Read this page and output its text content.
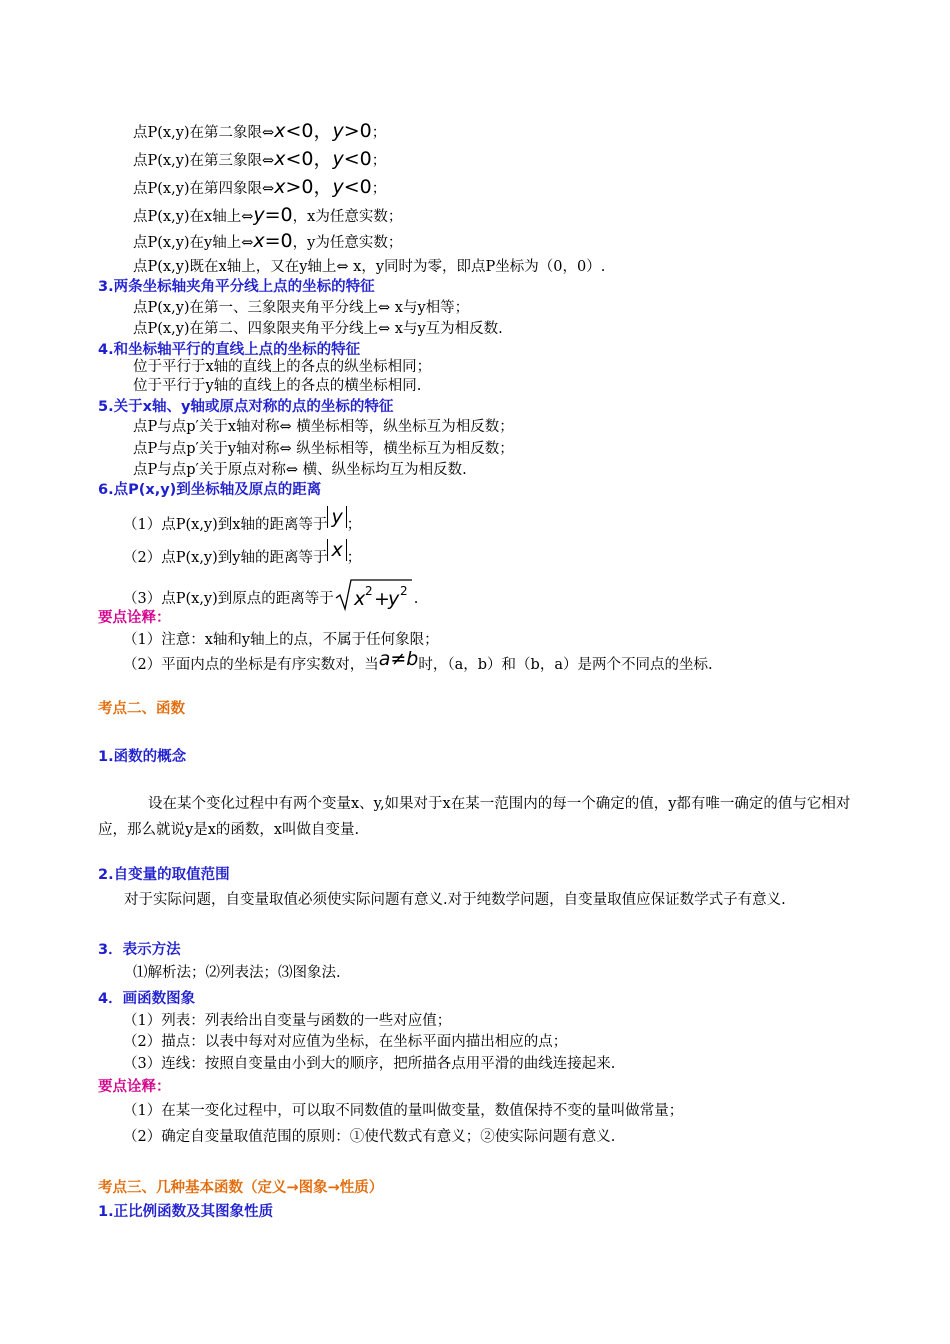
点P(x,y)在第二象限⇔x<0，y>0；
点P(x,y)在第三象限⇔x<0，y<0；
点P(x,y)在第四象限⇔x>0，y<0；
点P(x,y)在x轴上⇔y=0，x为任意实数；
点P(x,y)在y轴上⇔x=0，y为任意实数；
点P(x,y)既在x轴上，又在y轴上⇔ x，y同时为零，即点P坐标为（0，0）.
3.两条坐标轴夹角平分线上点的坐标的特征
点P(x,y)在第一、三象限夹角平分线上⇔ x与y相等；
点P(x,y)在第二、四象限夹角平分线上⇔ x与y互为相反数.
4.和坐标轴平行的直线上点的坐标的特征
位于平行于x轴的直线上的各点的纵坐标相同；
位于平行于y轴的直线上的各点的横坐标相同.
5.关于x轴、y轴或原点对称的点的坐标的特征
点P与点p′关于x轴对称⇔ 横坐标相等，纵坐标互为相反数；
点P与点p′关于y轴对称⇔ 纵坐标相等，横坐标互为相反数；
点P与点p′关于原点对称⇔ 横、纵坐标均互为相反数.
6.点P(x,y)到坐标轴及原点的距离
（1）点P(x,y)到x轴的距离等于 y ；
（2）点P(x,y)到y轴的距离等于 x ；
（3）点P(x,y)到原点的距离等于 x 2 +
y 2 .
要点诠释：
（1）注意：x轴和y轴上的点，不属于任何象限；
（2）平面内点的坐标是有序实数对，当a≠b时，（a，b）和（b，a）是两个不同点的坐标.
考点二、函数
1.函数的概念
设在某个变化过程中有两个变量x、y,如果对于x在某一范围内的每一个确定的值，y都有唯一确定的值与它相对应，那么就说y是x的函数，x叫做自变量.
2.自变量的取值范围
对于实际问题，自变量取值必须使实际问题有意义.对于纯数学问题，自变量取值应保证数学式子有意义.
3．表示方法
⑴解析法；⑵列表法；⑶图象法.
4．画函数图象
（1）列表：列表给出自变量与函数的一些对应值；
（2）描点：以表中每对对应值为坐标，在坐标平面内描出相应的点；
（3）连线：按照自变量由小到大的顺序，把所描各点用平滑的曲线连接起来.
要点诠释：
（1）在某一变化过程中，可以取不同数值的量叫做变量，数值保持不变的量叫做常量；
（2）确定自变量取值范围的原则：①使代数式有意义；②使实际问题有意义.
考点三、几种基本函数（定义→图象→性质）
1.正比例函数及其图象性质
